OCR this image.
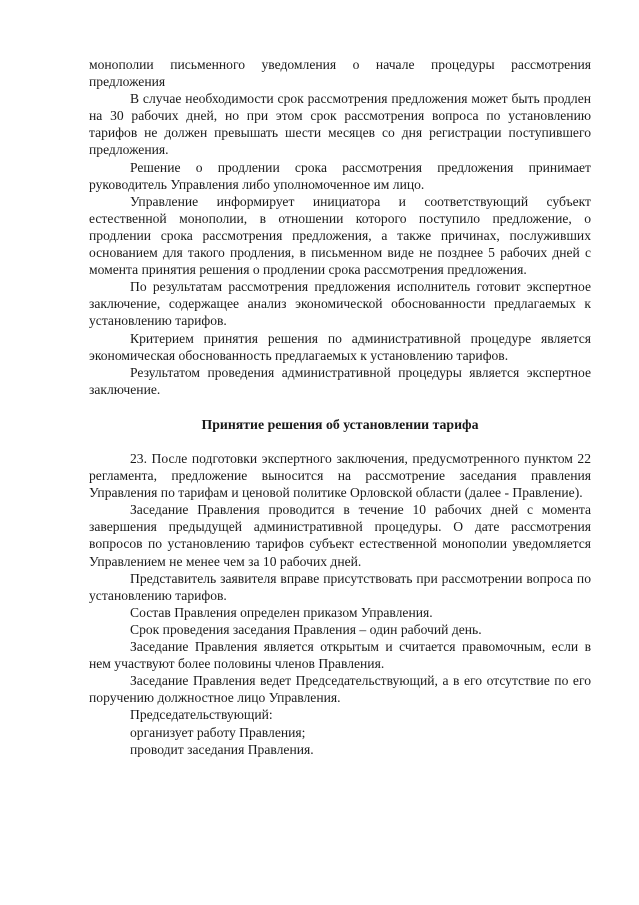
монополии письменного уведомления о начале процедуры рассмотрения предложения

В случае необходимости срок рассмотрения предложения может быть продлен на 30 рабочих дней, но при этом срок рассмотрения вопроса по установлению тарифов не должен превышать шести месяцев со дня регистрации поступившего предложения.

Решение о продлении срока рассмотрения предложения принимает руководитель Управления либо уполномоченное им лицо.

Управление информирует инициатора и соответствующий субъект естественной монополии, в отношении которого поступило предложение, о продлении срока рассмотрения предложения, а также причинах, послуживших основанием для такого продления, в письменном виде не позднее 5 рабочих дней с момента принятия решения о продлении срока рассмотрения предложения.

По результатам рассмотрения предложения исполнитель готовит экспертное заключение, содержащее анализ экономической обоснованности предлагаемых к установлению тарифов.

Критерием принятия решения по административной процедуре является экономическая обоснованность предлагаемых к установлению тарифов.

Результатом проведения административной процедуры является экспертное заключение.

Принятие решения об установлении тарифа

23. После подготовки экспертного заключения, предусмотренного пунктом 22 регламента, предложение выносится на рассмотрение заседания правления Управления по тарифам и ценовой политике Орловской области (далее - Правление).

Заседание Правления проводится в течение 10 рабочих дней с момента завершения предыдущей административной процедуры. О дате рассмотрения вопросов по установлению тарифов субъект естественной монополии уведомляется Управлением не менее чем за 10 рабочих дней.

Представитель заявителя вправе присутствовать при рассмотрении вопроса по установлению тарифов.

Состав Правления определен приказом Управления.

Срок проведения заседания Правления – один рабочий день.

Заседание Правления является открытым и считается правомочным, если в нем участвуют более половины членов Правления.

Заседание Правления ведет Председательствующий, а в его отсутствие по его поручению должностное лицо Управления.

Председательствующий:
организует работу Правления;
проводит заседания Правления.
